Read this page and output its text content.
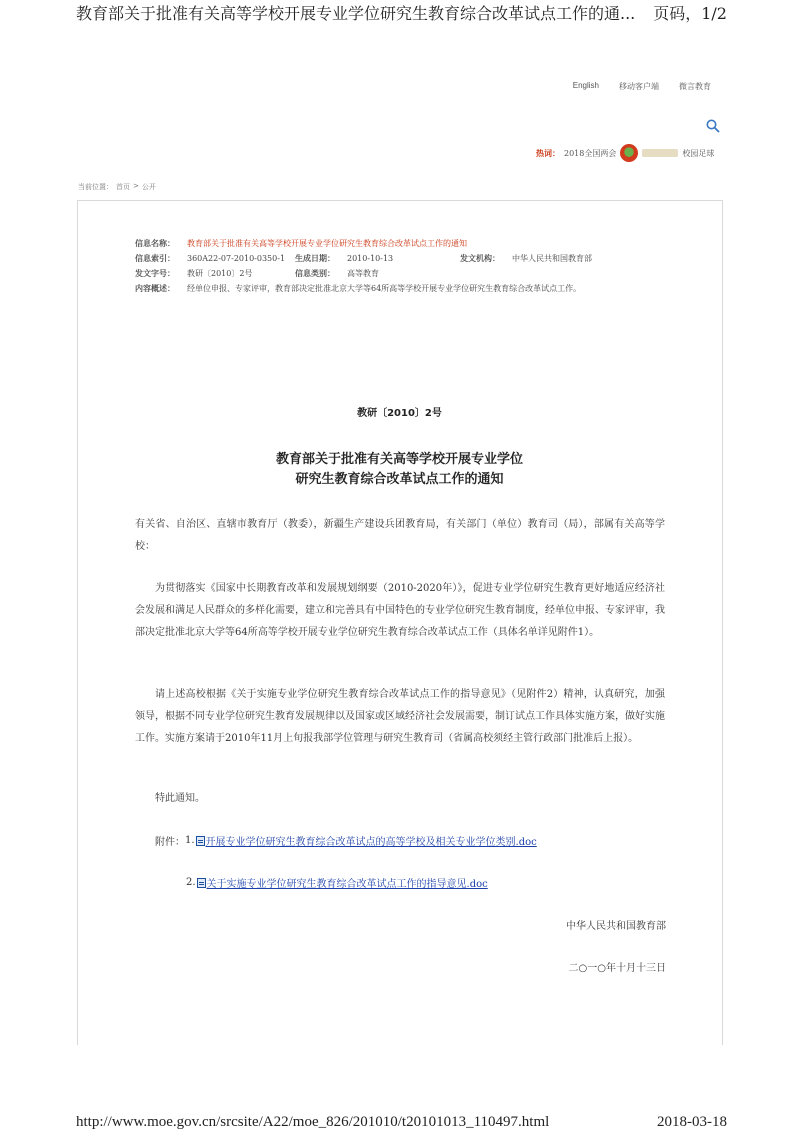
教育部关于批准有关高等学校开展专业学位研究生教育综合改革试点工作的通... 页码，1/2
English	移动客户端	微言教育
热词： 2018全国两会	校园足球
当前位置： 首页 > 公开
信息名称：	教育部关于批准有关高等学校开展专业学位研究生教育综合改革试点工作的通知
信息索引：	360A22-07-2010-0350-1	生成日期：	2010-10-13	发文机构：	中华人民共和国教育部
发文字号：	教研〔2010〕2号	信息类别：	高等教育
内容概述：	经单位申报、专家评审，教育部决定批准北京大学等64所高等学校开展专业学位研究生教育综合改革试点工作。
教研〔2010〕2号
教育部关于批准有关高等学校开展专业学位
研究生教育综合改革试点工作的通知
有关省、自治区、直辖市教育厅（教委），新疆生产建设兵团教育局，有关部门（单位）教育司（局），部属有关高等学校：
为贯彻落实《国家中长期教育改革和发展规划纲要（2010-2020年）》，促进专业学位研究生教育更好地适应经济社会发展和满足人民群众的多样化需要，建立和完善具有中国特色的专业学位研究生教育制度，经单位申报、专家评审，我部决定批准北京大学等64所高等学校开展专业学位研究生教育综合改革试点工作（具体名单详见附件1）。
请上述高校根据《关于实施专业学位研究生教育综合改革试点工作的指导意见》（见附件2）精神，认真研究，加强领导，根据不同专业学位研究生教育发展规律以及国家或区域经济社会发展需要，制订试点工作具体实施方案，做好实施工作。实施方案请于2010年11月上旬报我部学位管理与研究生教育司（省属高校须经主管行政部门批准后上报）。
特此通知。
附件： 1. 开展专业学位研究生教育综合改革试点的高等学校及相关专业学位类别.doc
2. 关于实施专业学位研究生教育综合改革试点工作的指导意见.doc
中华人民共和国教育部
二○一○年十月十三日
http://www.moe.gov.cn/srcsite/A22/moe_826/201010/t20101013_110497.html	2018-03-18
